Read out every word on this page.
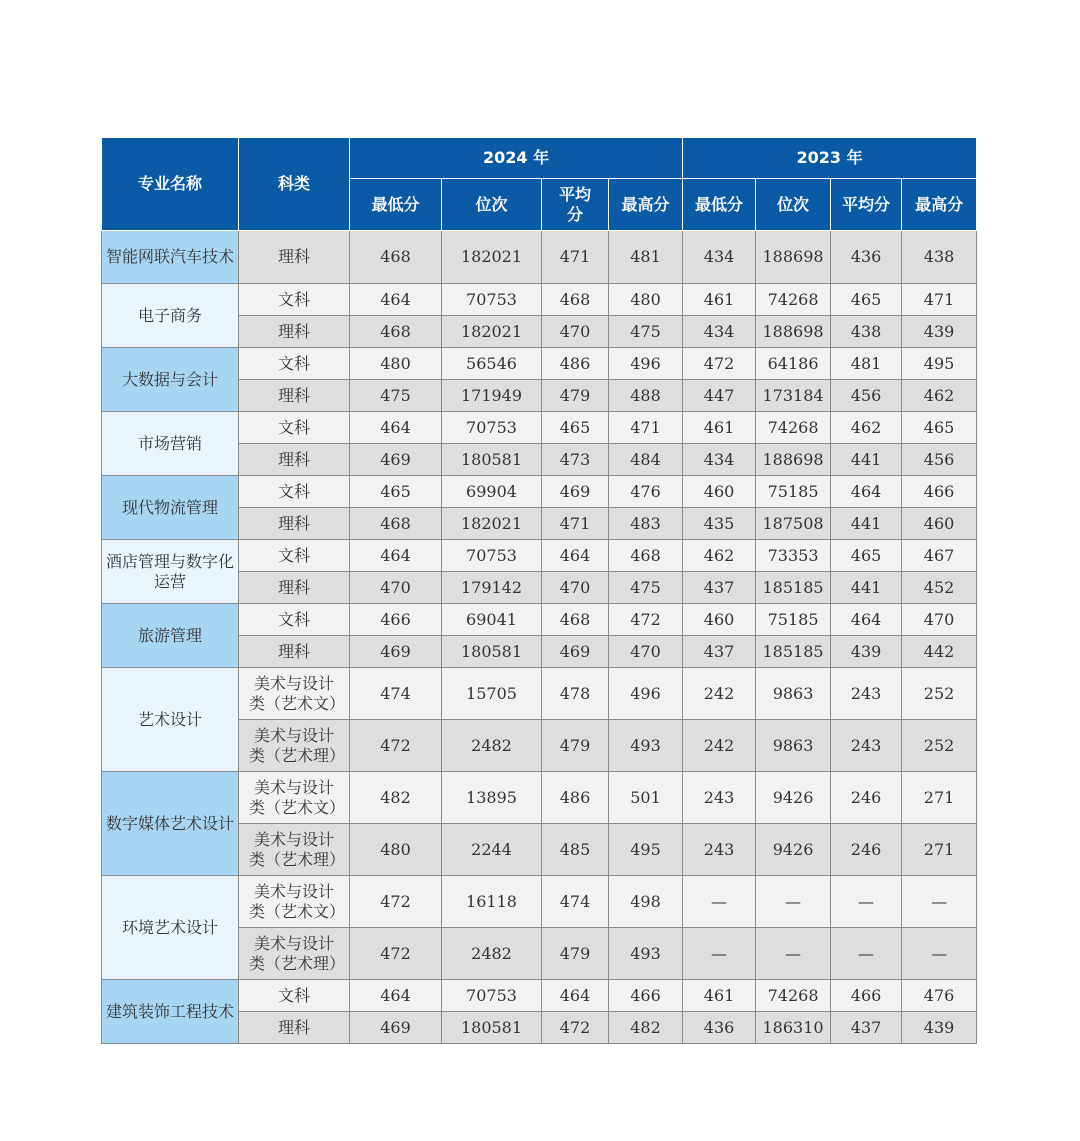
专业名称	科类	2024 年				2023 年			
		最低分	位次	平均分	最高分	最低分	位次	平均分	最高分
智能网联汽车技术	理科	468	182021	471	481	434	188698	436	438
电子商务	文科	464	70753	468	480	461	74268	465	471
	理科	468	182021	470	475	434	188698	438	439
大数据与会计	文科	480	56546	486	496	472	64186	481	495
	理科	475	171949	479	488	447	173184	456	462
市场营销	文科	464	70753	465	471	461	74268	462	465
	理科	469	180581	473	484	434	188698	441	456
现代物流管理	文科	465	69904	469	476	460	75185	464	466
	理科	468	182021	471	483	435	187508	441	460
酒店管理与数字化运营	文科	464	70753	464	468	462	73353	465	467
	理科	470	179142	470	475	437	185185	441	452
旅游管理	文科	466	69041	468	472	460	75185	464	470
	理科	469	180581	469	470	437	185185	439	442
艺术设计	美术与设计类（艺术文）	474	15705	478	496	242	9863	243	252
	美术与设计类（艺术理）	472	2482	479	493	242	9863	243	252
数字媒体艺术设计	美术与设计类（艺术文）	482	13895	486	501	243	9426	246	271
	美术与设计类（艺术理）	480	2244	485	495	243	9426	246	271
环境艺术设计	美术与设计类（艺术文）	472	16118	474	498	—	—	—	—
	美术与设计类（艺术理）	472	2482	479	493	—	—	—	—
建筑装饰工程技术	文科	464	70753	464	466	461	74268	466	476
	理科	469	180581	472	482	436	186310	437	439
